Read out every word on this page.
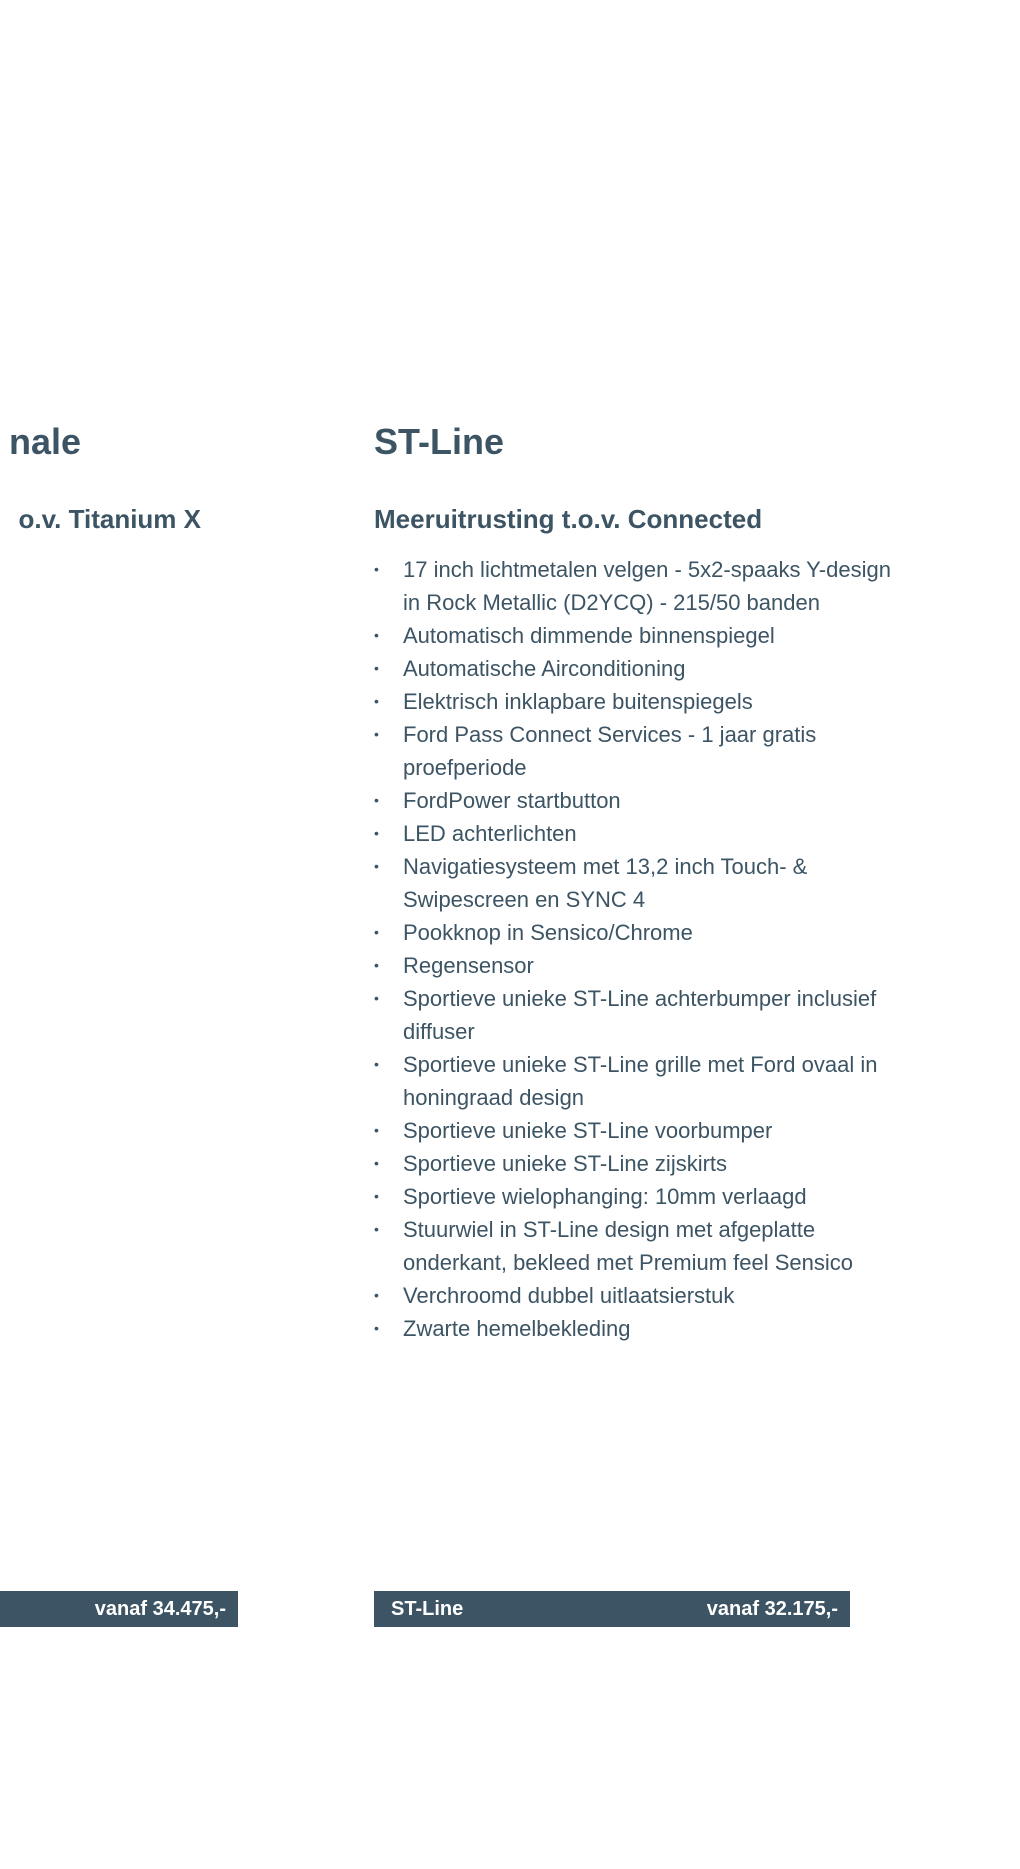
nale
o.v. Titanium X

vanaf 34.475,-
ST-Line
Meeruitrusting t.o.v. Connected
• 17 inch lichtmetalen velgen - 5x2-spaaks Y-design in Rock Metallic (D2YCQ) - 215/50 banden
• Automatisch dimmende binnenspiegel
• Automatische Airconditioning
• Elektrisch inklapbare buitenspiegels
• Ford Pass Connect Services - 1 jaar gratis proefperiode
• FordPower startbutton
• LED achterlichten
• Navigatiesysteem met 13,2 inch Touch- & Swipescreen en SYNC 4
• Pookknop in Sensico/Chrome
• Regensensor
• Sportieve unieke ST-Line achterbumper inclusief diffuser
• Sportieve unieke ST-Line grille met Ford ovaal in honingraad design
• Sportieve unieke ST-Line voorbumper
• Sportieve unieke ST-Line zijskirts
• Sportieve wielophanging: 10mm verlaagd
• Stuurwiel in ST-Line design met afgeplatte onderkant, bekleed met Premium feel Sensico
• Verchroomd dubbel uitlaatsierstuk
• Zwarte hemelbekleding
ST-Line	vanaf 32.175,-
